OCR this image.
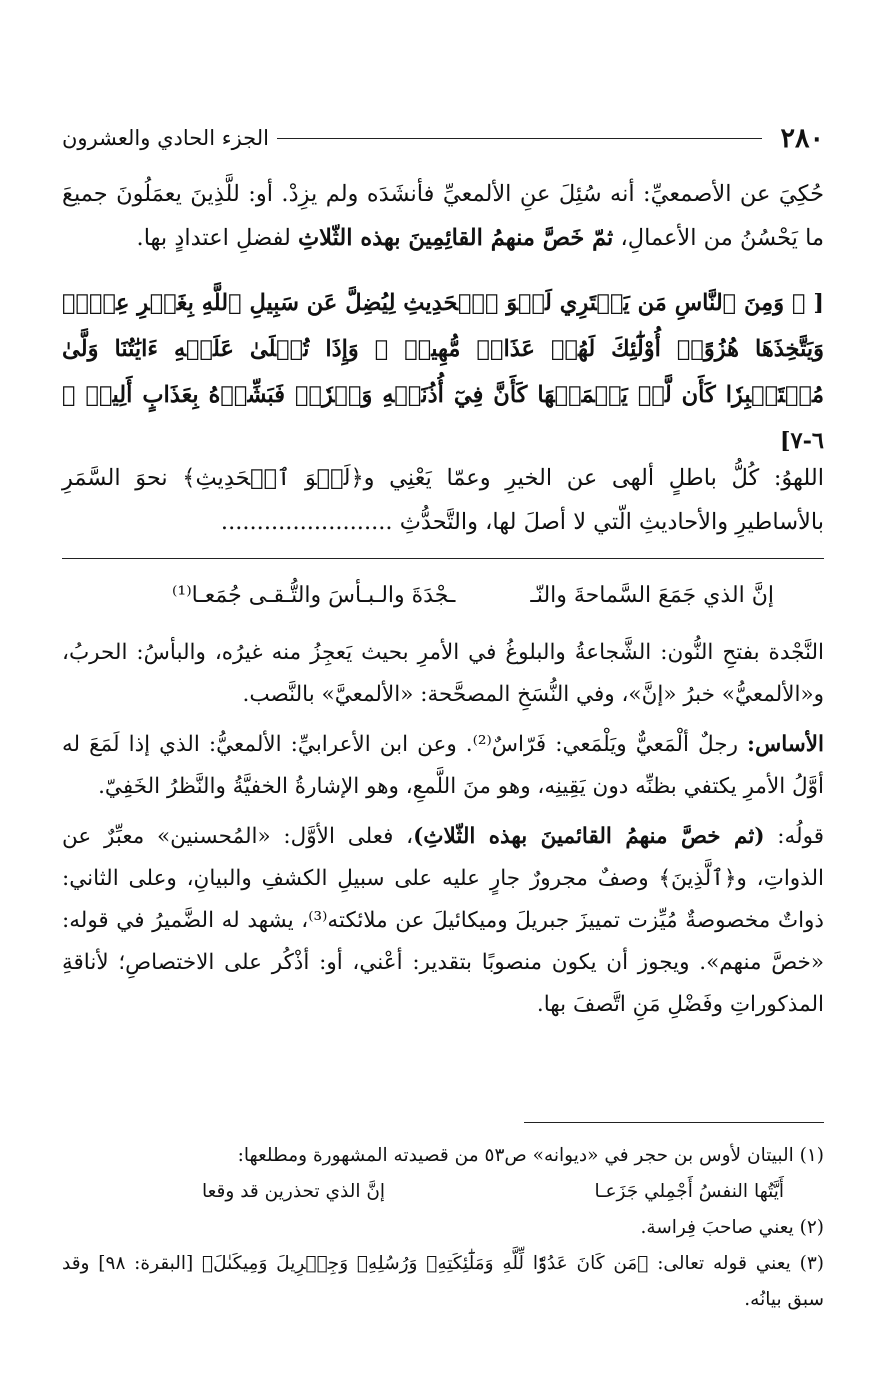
٢٨٠
الجزء الحادي والعشرون

حُكِيَ عن الأصمعيِّ: أنه سُئِلَ عنِ الألمعيِّ فأنشَدَه ولم يزِدْ. أو: للَّذِينَ يعمَلُونَ جميعَ ما يَحْسُنُ من الأعمالِ، ثمّ خَصَّ منهمُ القائِمِينَ بهذه الثّلاثِ لفضلِ اعتدادٍ بها.

[ ﴿ وَمِنَ ٱلنَّاسِ مَن يَشۡتَرِي لَهۡوَ ٱلۡحَدِيثِ لِيُضِلَّ عَن سَبِيلِ ٱللَّهِ بِغَيۡرِ عِلۡمٖ وَيَتَّخِذَهَا هُزُوًاۚ أُوْلَٰٓئِكَ لَهُمۡ عَذَابٞ مُّهِينٞ ۞ وَإِذَا تُتۡلَىٰ عَلَيۡهِ ءَايَٰتُنَا وَلَّىٰ مُسۡتَكۡبِرٗا كَأَن لَّمۡ يَسۡمَعۡهَا كَأَنَّ فِيٓ أُذُنَيۡهِ وَقۡرٗاۖ فَبَشِّرۡهُ بِعَذَابٍ أَلِيمٖ ﴾ ٦-٧]

اللهوُ: كُلُّ باطلٍ ألهى عن الخيرِ وعمّا يَعْنِي و﴿لَهۡوَ ٱلۡحَدِيثِ﴾ نحوَ السَّمَرِ بالأساطيرِ والأحاديثِ الّتي لا أصلَ لها، والتَّحدُّثِ ........................

إنَّ الذي جَمَعَ السَّماحةَ والنّـ
ـجْدَةَ والـبـأسَ والتُّـقـى جُمَعـا⁽¹⁾

النَّجْدة بفتحِ النُّون: الشَّجاعةُ والبلوغُ في الأمرِ بحيث يَعجِزُ منه غيرُه، والبأسُ: الحربُ، و«الألمعيُّ» خبرُ «إنَّ»، وفي النُّسَخِ المصحَّحة: «الألمعيَّ» بالنَّصب.

الأساس: رجلٌ ألْمَعيٌّ ويَلْمَعي: فَرّاسٌ⁽²⁾. وعن ابن الأعرابيِّ: الألمعيُّ: الذي إذا لَمَعَ له أوَّلُ الأمرِ يكتفي بظنِّه دون يَقِينِه، وهو منَ اللَّمعِ، وهو الإشارةُ الخفيَّةُ والنَّظرُ الخَفِيّ.

قولُه: (ثم خصَّ منهمُ القائمينَ بهذه الثّلاثِ)، فعلى الأوَّل: «المُحسنين» معبِّرٌ عن الذواتِ، و﴿ٱلَّذِينَ﴾ وصفٌ مجرورٌ جارٍ عليه على سبيلِ الكشفِ والبيانِ، وعلى الثاني: ذواتٌ مخصوصةٌ مُيِّزت تمييزَ جبريلَ وميكائيلَ عن ملائكته⁽³⁾، يشهد له الضَّميرُ في قوله: «خصَّ منهم». ويجوز أن يكون منصوبًا بتقدير: أعْني، أو: أذْكُر على الاختصاصِ؛ لأناقةِ المذكوراتِ وفَضْلِ مَنِ اتَّصفَ بها.

(١) البيتان لأوس بن حجر في «ديوانه» ص٥٣ من قصيدته المشهورة ومطلعها:

أَيَّتُها النفسُ أَجْمِلي جَزَعـا
إنَّ الذي تحذرين قد وقعا

(٢) يعني صاحبَ فِراسة.

(٣) يعني قوله تعالى: ﴿مَن كَانَ عَدُوّٗا لِّلَّهِ وَمَلَٰٓئِكَتِهِۦ وَرُسُلِهِۦ وَجِبۡرِيلَ وَمِيكَىٰلَ﴾ [البقرة: ٩٨] وقد سبق بيانُه.
